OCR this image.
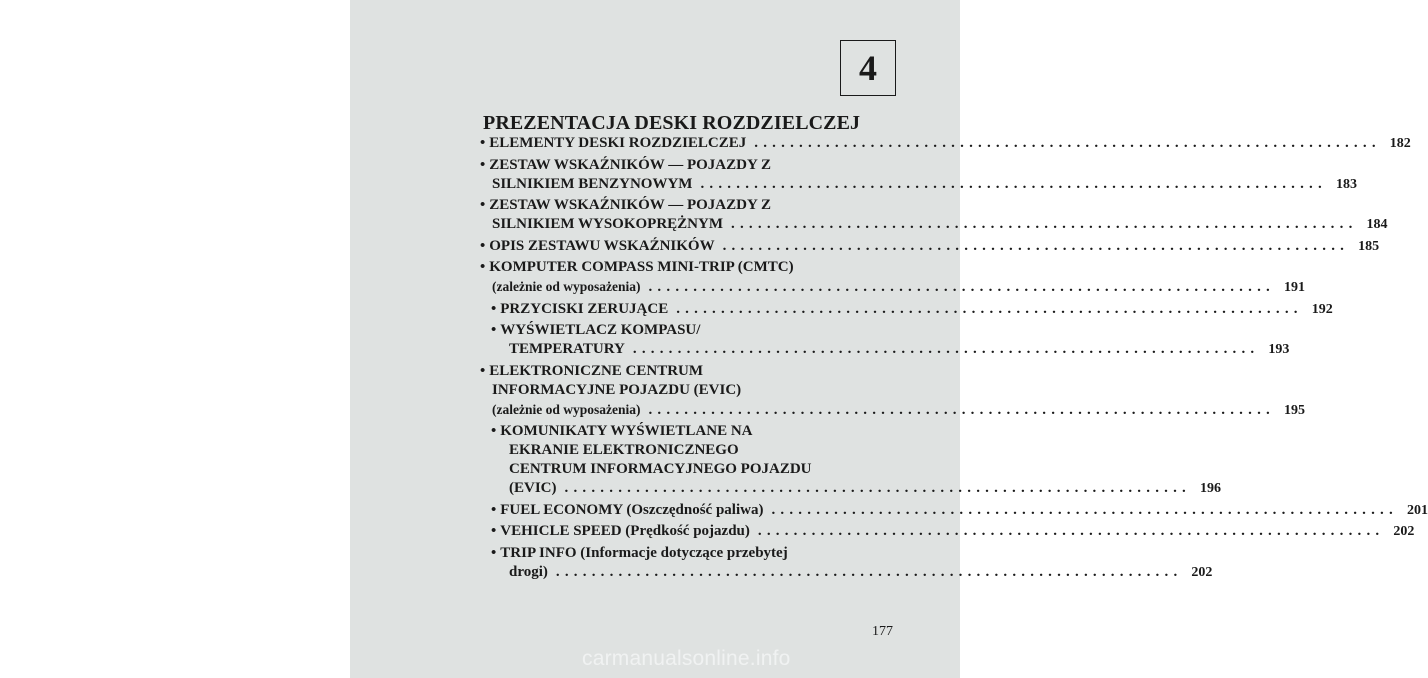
4
PREZENTACJA DESKI ROZDZIELCZEJ
• ELEMENTY DESKI ROZDZIELCZEJ ...................................................................... 182
• ZESTAW WSKAŹNIKÓW — POJAZDY Z
SILNIKIEM BENZYNOWYM ...................................................................... 183
• ZESTAW WSKAŹNIKÓW — POJAZDY Z
SILNIKIEM WYSOKOPRĘŻNYM ...................................................................... 184
• OPIS ZESTAWU WSKAŹNIKÓW ...................................................................... 185
• KOMPUTER COMPASS MINI-TRIP (CMTC)
(zależnie od wyposażenia) ...................................................................... 191
• PRZYCISKI ZERUJĄCE ...................................................................... 192
• WYŚWIETLACZ KOMPASU/
TEMPERATURY ...................................................................... 193
• ELEKTRONICZNE CENTRUM
INFORMACYJNE POJAZDU (EVIC)
(zależnie od wyposażenia) ...................................................................... 195
• KOMUNIKATY WYŚWIETLANE NA
EKRANIE ELEKTRONICZNEGO
CENTRUM INFORMACYJNEGO POJAZDU
(EVIC) ...................................................................... 196
• FUEL ECONOMY (Oszczędność paliwa) ...................................................................... 201
• VEHICLE SPEED (Prędkość pojazdu) ...................................................................... 202
• TRIP INFO (Informacje dotyczące przebytej
drogi) ...................................................................... 202
177
carmanualsonline.info
